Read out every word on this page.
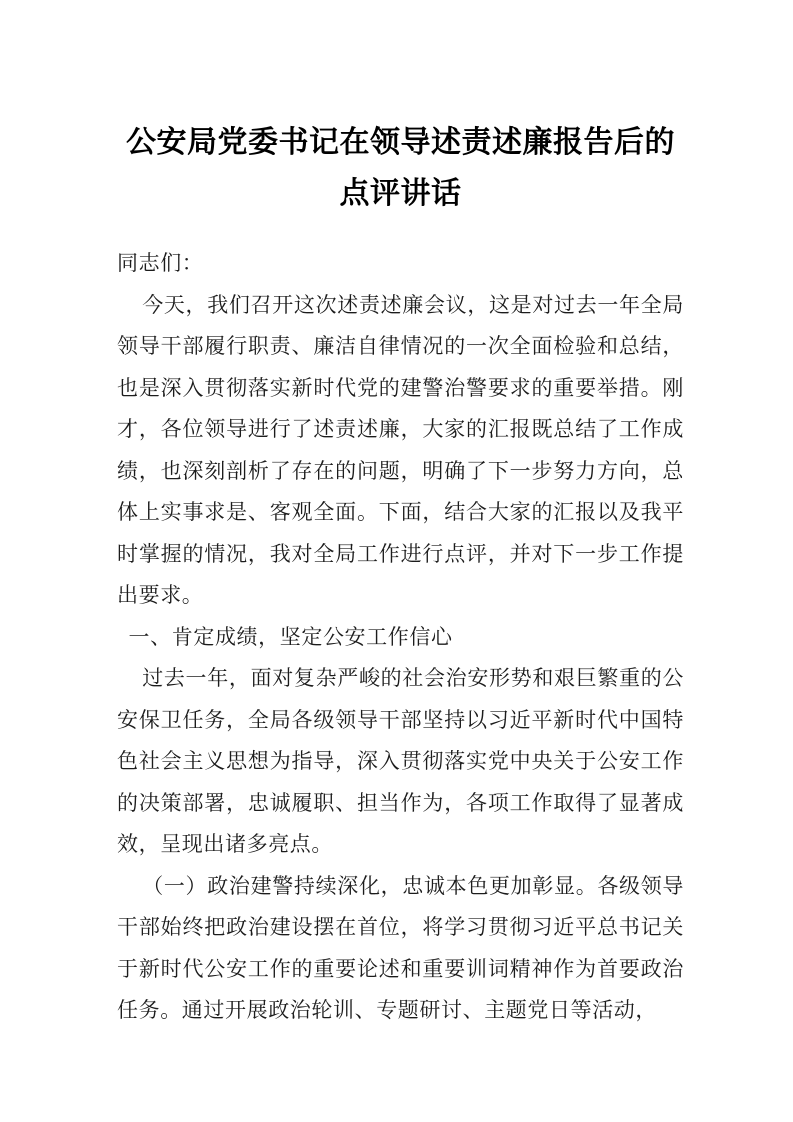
公安局党委书记在领导述责述廉报告后的点评讲话

同志们：

今天，我们召开这次述责述廉会议，这是对过去一年全局领导干部履行职责、廉洁自律情况的一次全面检验和总结，也是深入贯彻落实新时代党的建警治警要求的重要举措。刚才，各位领导进行了述责述廉，大家的汇报既总结了工作成绩，也深刻剖析了存在的问题，明确了下一步努力方向，总体上实事求是、客观全面。下面，结合大家的汇报以及我平时掌握的情况，我对全局工作进行点评，并对下一步工作提出要求。

一、肯定成绩，坚定公安工作信心

过去一年，面对复杂严峻的社会治安形势和艰巨繁重的公安保卫任务，全局各级领导干部坚持以习近平新时代中国特色社会主义思想为指导，深入贯彻落实党中央关于公安工作的决策部署，忠诚履职、担当作为，各项工作取得了显著成效，呈现出诸多亮点。

（一）政治建警持续深化，忠诚本色更加彰显。各级领导干部始终把政治建设摆在首位，将学习贯彻习近平总书记关于新时代公安工作的重要论述和重要训词精神作为首要政治任务。通过开展政治轮训、专题研讨、主题党日等活动，
